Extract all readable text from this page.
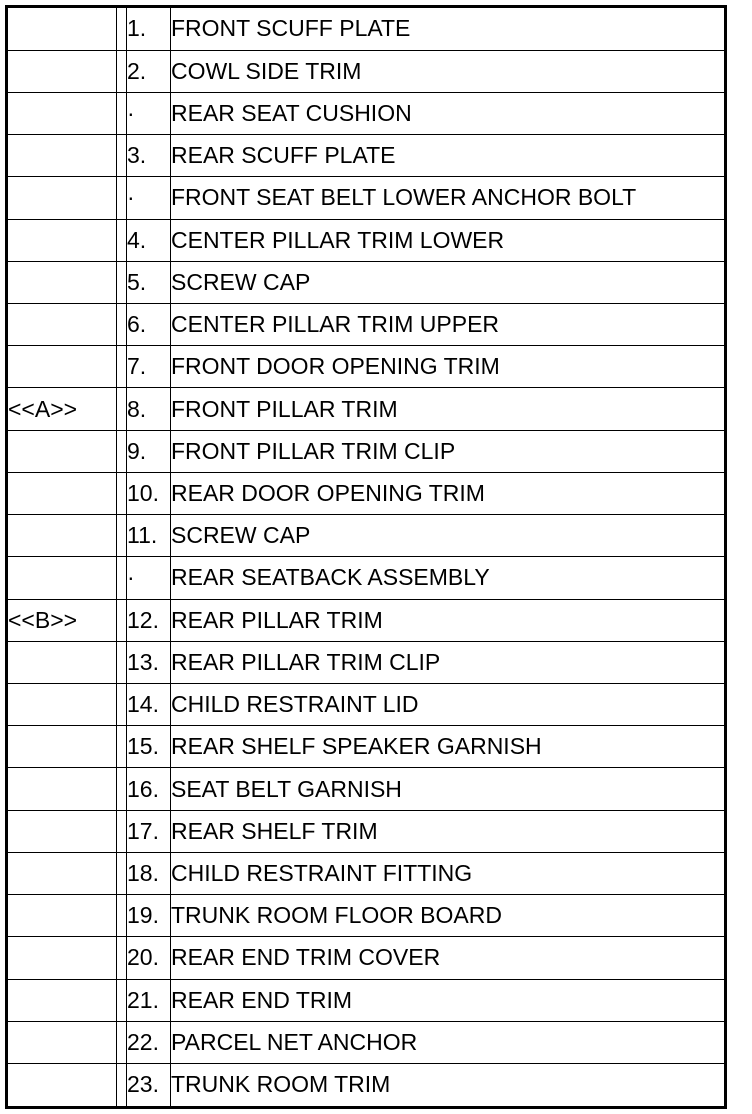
		1.	FRONT SCUFF PLATE
		2.	COWL SIDE TRIM
		·	REAR SEAT CUSHION
		3.	REAR SCUFF PLATE
		·	FRONT SEAT BELT LOWER ANCHOR BOLT
		4.	CENTER PILLAR TRIM LOWER
		5.	SCREW CAP
		6.	CENTER PILLAR TRIM UPPER
		7.	FRONT DOOR OPENING TRIM
<<A>>		8.	FRONT PILLAR TRIM
		9.	FRONT PILLAR TRIM CLIP
		10.	REAR DOOR OPENING TRIM
		11.	SCREW CAP
		·	REAR SEATBACK ASSEMBLY
<<B>>		12.	REAR PILLAR TRIM
		13.	REAR PILLAR TRIM CLIP
		14.	CHILD RESTRAINT LID
		15.	REAR SHELF SPEAKER GARNISH
		16.	SEAT BELT GARNISH
		17.	REAR SHELF TRIM
		18.	CHILD RESTRAINT FITTING
		19.	TRUNK ROOM FLOOR BOARD
		20.	REAR END TRIM COVER
		21.	REAR END TRIM
		22.	PARCEL NET ANCHOR
		23.	TRUNK ROOM TRIM
